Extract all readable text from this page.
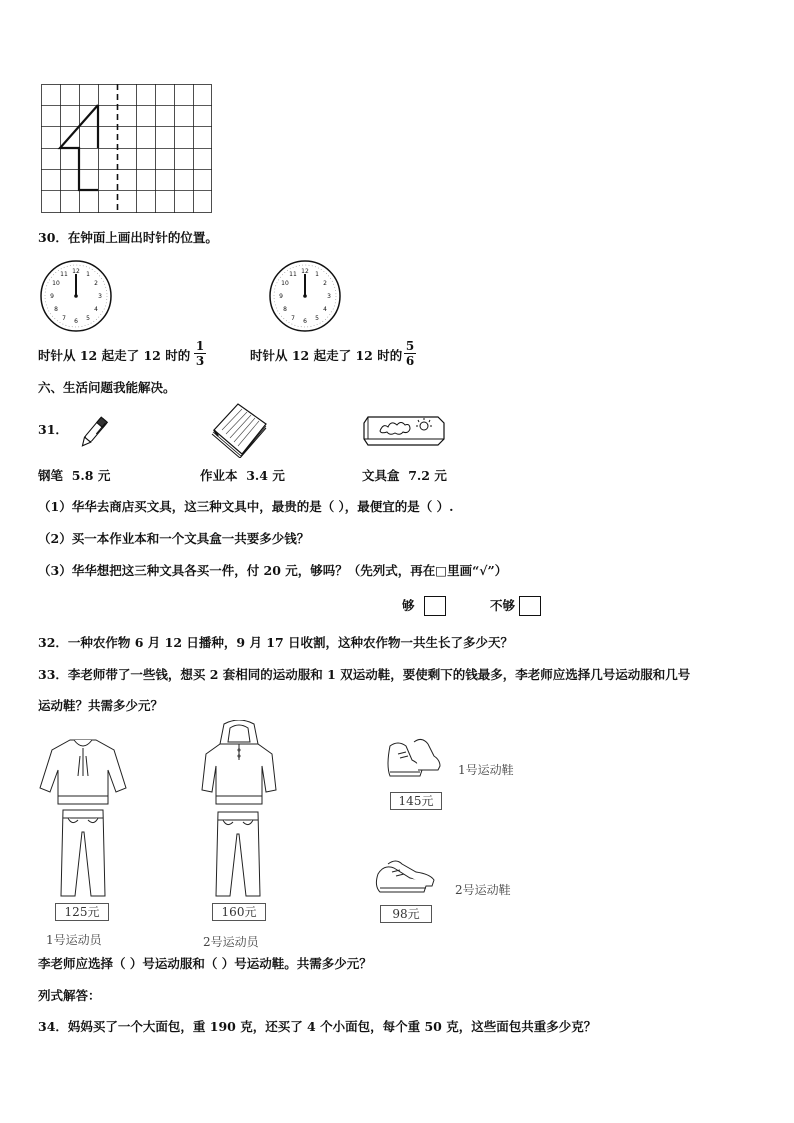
30．在钟面上画出时针的位置。
12 1
2
3
4
5
6
7
8
9
10
11	12 1
2
3
4
5
6
7
8
9
10
11
时针从 12 起走了 12 时的 $\frac{1}{3}$	时针从 12 起走了 12 时的 $\frac{5}{6}$
六、生活问题我能解决。
31．
钢笔 5.8 元	作业本 3.4 元	文具盒 7.2 元
（1）华华去商店买文具，这三种文具中，最贵的是（ ），最便宜的是（ ）.
（2）买一本作业本和一个文具盒一共要多少钱？
（3）华华想把这三种文具各买一件，付 20 元，够吗？（先列式，再在□里画“√”）
够	不够
32．一种农作物 6 月 12 日播种，9 月 17 日收割，这种农作物一共生长了多少天？
33．李老师带了一些钱，想买 2 套相同的运动服和 1 双运动鞋，要使剩下的钱最多，李老师应选择几号运动服和几号
运动鞋？共需多少元？
125元
1号运动员
160元
2号运动员
145元
1号运动鞋
98元
2号运动鞋
李老师应选择（ ）号运动服和（ ）号运动鞋。共需多少元？
列式解答：
34．妈妈买了一个大面包，重 190 克，还买了 4 个小面包，每个重 50 克，这些面包共重多少克？
